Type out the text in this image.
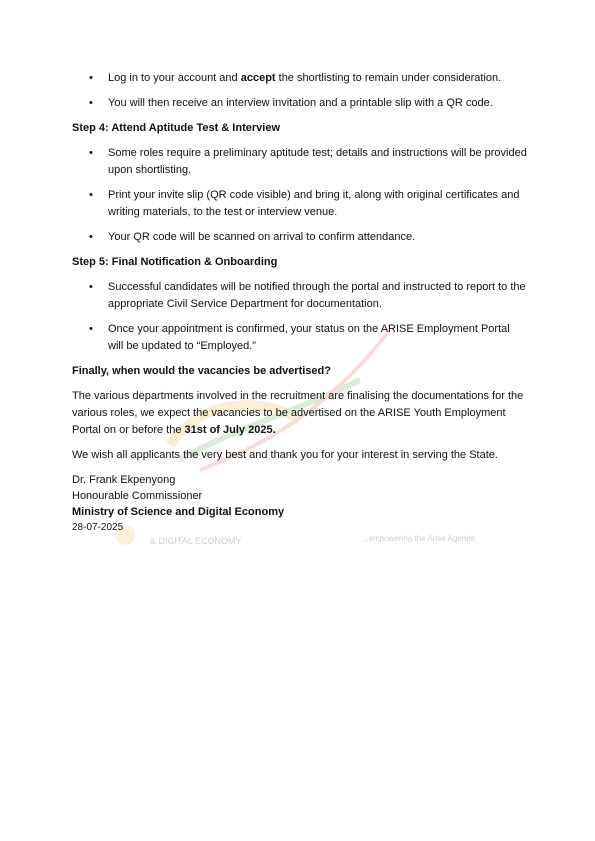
& DIGITAL ECONOMY	...empowering the Arise Agenda
• Log in to your account and accept the shortlisting to remain under consideration.
• You will then receive an interview invitation and a printable slip with a QR code.
Step 4: Attend Aptitude Test & Interview
• Some roles require a preliminary aptitude test; details and instructions will be provided upon shortlisting.
• Print your invite slip (QR code visible) and bring it, along with original certificates and writing materials, to the test or interview venue.
• Your QR code will be scanned on arrival to confirm attendance.
Step 5: Final Notification & Onboarding
• Successful candidates will be notified through the portal and instructed to report to the appropriate Civil Service Department for documentation.
• Once your appointment is confirmed, your status on the ARISE Employment Portal will be updated to “Employed.”
Finally, when would the vacancies be advertised?

The various departments involved in the recruitment are finalising the documentations for the various roles, we expect the vacancies to be advertised on the ARISE Youth Employment Portal on or before the 31st of July 2025.

We wish all applicants the very best and thank you for your interest in serving the State.

Dr. Frank Ekpenyong
Honourable Commissioner
Ministry of Science and Digital Economy
28-07-2025
